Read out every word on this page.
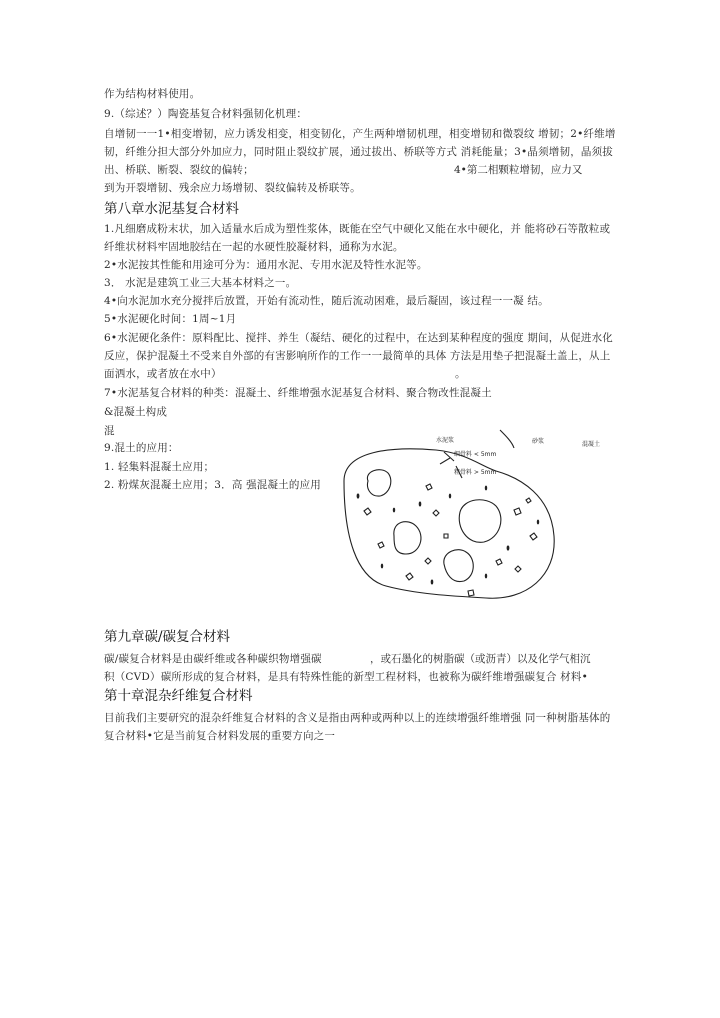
作为结构材料使用。
9.（综述？）陶瓷基复合材料强韧化机理：
自增韧一一1•相变增韧，应力诱发相变，相变韧化，产生两种增韧机理，相变增韧和微裂纹 增韧；2•纤维增
韧，纤维分担大部分外加应力，同时阻止裂纹扩展，通过拔出、桥联等方式 消耗能量；3•晶须增韧，晶须拔
出、桥联、断裂、裂纹的偏转；	4•第二相颗粒增韧，应力又
到为开裂增韧、残余应力场增韧、裂纹偏转及桥联等。
第八章水泥基复合材料
1.凡细磨成粉末状，加入适量水后成为塑性浆体，既能在空气中硬化又能在水中硬化，并 能将砂石等散粒或
纤维状材料牢固地胶结在一起的水硬性胶凝材料，通称为水泥。
2•水泥按其性能和用途可分为：通用水泥、专用水泥及特性水泥等。
3． 水泥是建筑工业三大基本材料之一。
4•向水泥加水充分搅拌后放置，开始有流动性，随后流动困难，最后凝固，该过程一一凝 结。
5•水泥硬化时间：1周~1月
6•水泥硬化条件：原料配比、搅拌、养生（凝结、硬化的过程中，在达到某种程度的强度 期间，从促进水化
反应，保护混凝土不受来自外部的有害影响所作的工作一一最简单的具体 方法是用垫子把混凝土盖上，从上
面洒水，或者放在水中）	。
7•水泥基复合材料的种类：混凝土、纤维增强水泥基复合材料、聚合物改性混凝土
&混凝土构成
混
9.混土的应用：
1. 轻集料混凝土应用；
2. 粉煤灰混凝土应用；3．高 强混凝土的应用
水泥浆
细骨料 < 5mm
粗骨料 > 5mm
砂浆	混凝土
第九章碳/碳复合材料
碳/碳复合材料是由碳纤维或各种碳织物增强碳	，或石墨化的树脂碳（或沥青）以及化学气相沉
积（CVD）碳所形成的复合材料，是具有特殊性能的新型工程材料，也被称为碳纤维增强碳复合 材料•
第十章混杂纤维复合材料
目前我们主要研究的混杂纤维复合材料的含义是指由两种或两种以上的连续增强纤维增强 同一种树脂基体的
复合材料•它是当前复合材料发展的重要方向之一
